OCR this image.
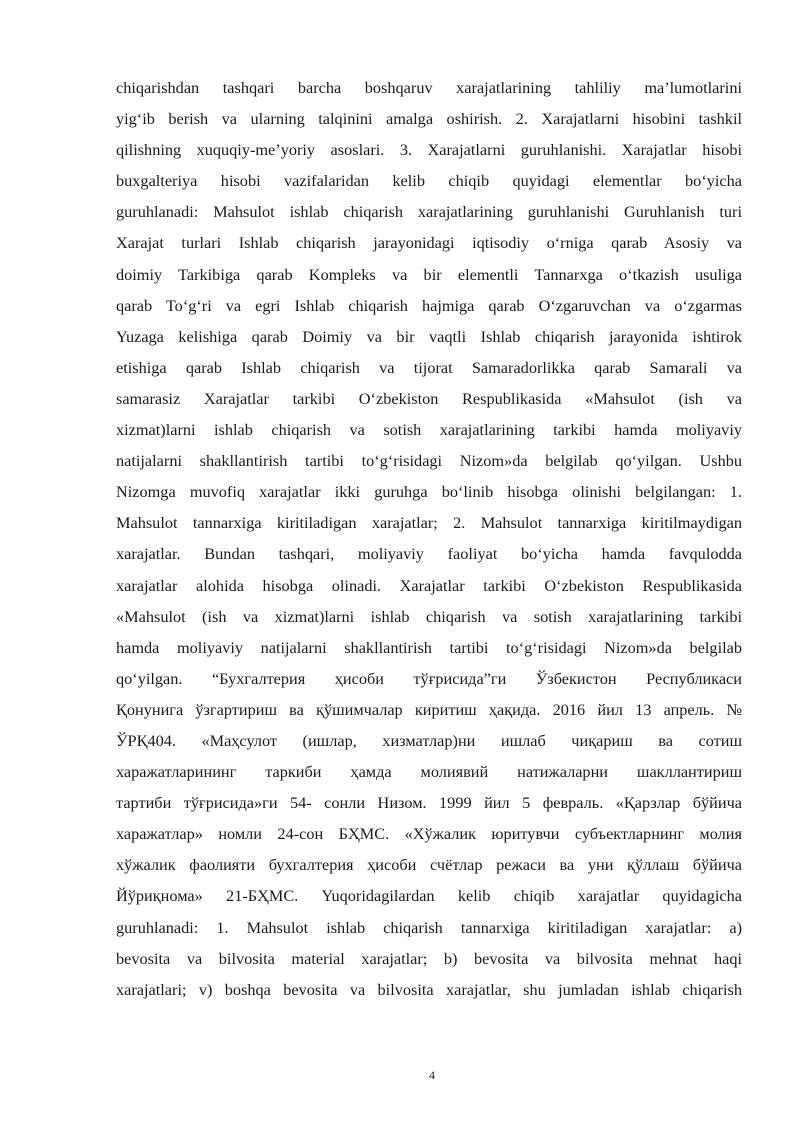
chiqarishdan tashqari barcha boshqaruv xarajatlarining tahliliy ma’lumotlarini
yig‘ib berish va ularning talqinini amalga oshirish. 2. Xarajatlarni hisobini tashkil
qilishning xuquqiy-me’yoriy asoslari. 3. Xarajatlarni guruhlanishi. Xarajatlar hisobi
buxgalteriya hisobi vazifalaridan kelib chiqib quyidagi elementlar bo‘yicha
guruhlanadi: Mahsulot ishlab chiqarish xarajatlarining guruhlanishi Guruhlanish turi
Xarajat turlari Ishlab chiqarish jarayonidagi iqtisodiy o‘rniga qarab Asosiy va
doimiy Tarkibiga qarab Kompleks va bir elementli Tannarxga o‘tkazish usuliga
qarab To‘g‘ri va egri Ishlab chiqarish hajmiga qarab O‘zgaruvchan va o‘zgarmas
Yuzaga kelishiga qarab Doimiy va bir vaqtli Ishlab chiqarish jarayonida ishtirok
etishiga qarab Ishlab chiqarish va tijorat Samaradorlikka qarab Samarali va
samarasiz Xarajatlar tarkibi O‘zbekiston Respublikasida «Mahsulot (ish va
xizmat)larni ishlab chiqarish va sotish xarajatlarining tarkibi hamda moliyaviy
natijalarni shakllantirish tartibi to‘g‘risidagi Nizom»da belgilab qo‘yilgan. Ushbu
Nizomga muvofiq xarajatlar ikki guruhga bo‘linib hisobga olinishi belgilangan: 1.
Mahsulot tannarxiga kiritiladigan xarajatlar; 2. Mahsulot tannarxiga kiritilmaydigan
xarajatlar. Bundan tashqari, moliyaviy faoliyat bo‘yicha hamda favqulodda
xarajatlar alohida hisobga olinadi. Xarajatlar tarkibi O‘zbekiston Respublikasida
«Mahsulot (ish va xizmat)larni ishlab chiqarish va sotish xarajatlarining tarkibi
hamda moliyaviy natijalarni shakllantirish tartibi to‘g‘risidagi Nizom»da belgilab
qo‘yilgan. “Бухгалтерия ҳисоби тўғрисида”ги Ўзбекистон Республикаси
Қонунига ўзгартириш ва қўшимчалар киритиш ҳақида. 2016 йил 13 апрель. №
ЎРҚ404. «Маҳсулот (ишлар, хизматлар)ни ишлаб чиқариш ва сотиш
харажатларининг таркиби ҳамда молиявий натижаларни шакллантириш
тартиби тўғрисида»ги 54- сонли Низом. 1999 йил 5 февраль. «Қарзлар бўйича
харажатлар» номли 24-сон БҲМС. «Хўжалик юритувчи субъектларнинг молия
хўжалик фаолияти бухгалтерия ҳисоби счётлар режаси ва уни қўллаш бўйича
Йўриқнома» 21-БҲМС. Yuqoridagilardan kelib chiqib xarajatlar quyidagicha
guruhlanadi: 1. Mahsulot ishlab chiqarish tannarxiga kiritiladigan xarajatlar: a)
bevosita va bilvosita material xarajatlar; b) bevosita va bilvosita mehnat haqi
xarajatlari; v) boshqa bevosita va bilvosita xarajatlar, shu jumladan ishlab chiqarish
4
